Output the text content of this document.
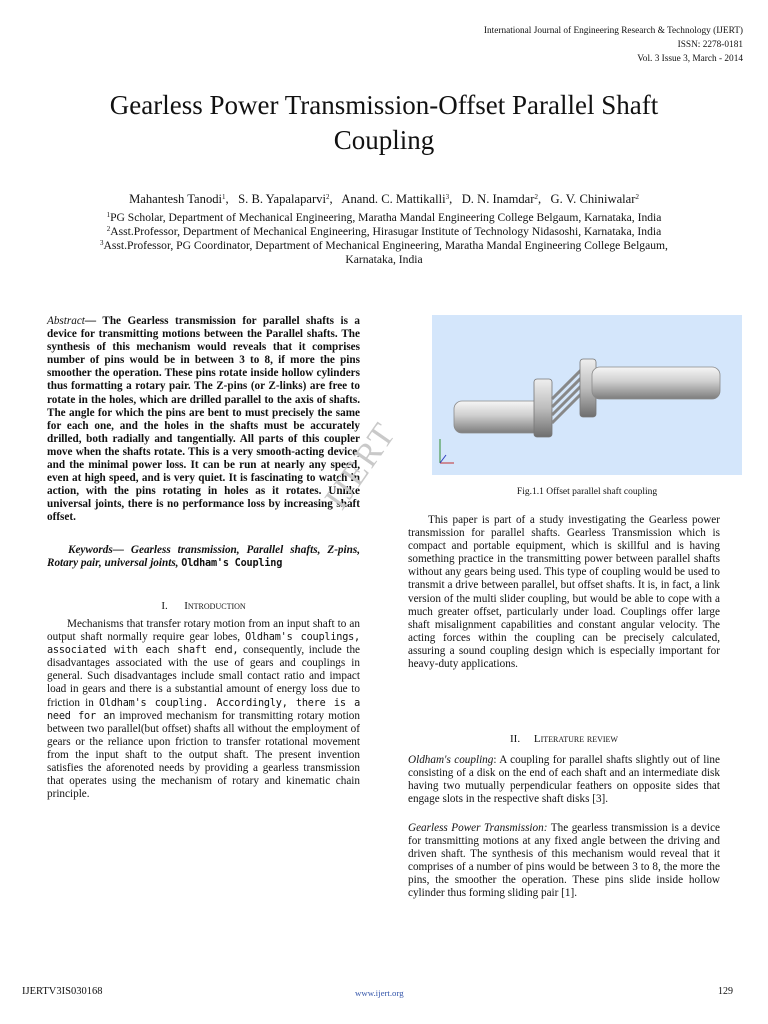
International Journal of Engineering Research & Technology (IJERT)
ISSN: 2278-0181
Vol. 3 Issue 3, March - 2014
Gearless Power Transmission-Offset Parallel Shaft
Coupling
Mahantesh Tanodi$^1$,   S. B. Yapalaparvi$^2$,   Anand. C. Mattikalli$^3$,   D. N. Inamdar$^2$,   G. V. Chiniwalar$^2$
$^1$PG Scholar, Department of Mechanical Engineering, Maratha Mandal Engineering College Belgaum, Karnataka, India
$^2$Asst.Professor, Department of Mechanical Engineering, Hirasugar Institute of Technology Nidasoshi, Karnataka, India
$^3$Asst.Professor, PG Coordinator, Department of Mechanical Engineering, Maratha Mandal Engineering College Belgaum,
Karnataka, India
Abstract— The Gearless transmission for parallel shafts is a device for transmitting motions between the Parallel shafts. The synthesis of this mechanism would reveals that it comprises number of pins would be in between 3 to 8, if more the pins smoother the operation. These pins rotate inside hollow cylinders thus formatting a rotary pair. The Z-pins (or Z-links) are free to rotate in the holes, which are drilled parallel to the axis of shafts. The angle for which the pins are bent to must precisely the same for each one, and the holes in the shafts must be accurately drilled, both radially and tangentially. All parts of this coupler move when the shafts rotate. This is a very smooth-acting device, and the minimal power loss. It can be run at nearly any speed, even at high speed, and is very quiet. It is fascinating to watch in action, with the pins rotating in holes as it rotates. Unlike universal joints, there is no performance loss by increasing shaft offset.
Keywords— Gearless transmission, Parallel shafts, Z-pins, Rotary pair, universal joints, Oldham's Coupling
I. Introduction
Mechanisms that transfer rotary motion from an input shaft to an output shaft normally require gear lobes, Oldham's couplings, associated with each shaft end, consequently, include the disadvantages associated with the use of gears and couplings in general. Such disadvantages include small contact ratio and impact load in gears and there is a substantial amount of energy loss due to friction in Oldham's coupling. Accordingly, there is a need for an improved mechanism for transmitting rotary motion between two parallel(but offset) shafts all without the employment of gears or the reliance upon friction to transfer rotational movement from the input shaft to the output shaft. The present invention satisfies the aforenoted needs by providing a gearless transmission that operates using the mechanism of rotary and kinematic chain principle.
IJERT	Fig.1.1 Offset parallel shaft coupling
This paper is part of a study investigating the Gearless power transmission for parallel shafts. Gearless Transmission which is compact and portable equipment, which is skillful and is having something practice in the transmitting power between parallel shafts without any gears being used. This type of coupling would be used to transmit a drive between parallel, but offset shafts. It is, in fact, a link version of the multi slider coupling, but would be able to cope with a much greater offset, particularly under load. Couplings offer large shaft misalignment capabilities and constant angular velocity. The acting forces within the coupling can be precisely calculated, assuring a sound coupling design which is especially important for heavy-duty applications.
II. Literature review
Oldham's coupling: A coupling for parallel shafts slightly out of line consisting of a disk on the end of each shaft and an intermediate disk having two mutually perpendicular feathers on opposite sides that engage slots in the respective shaft disks [3].
Gearless Power Transmission: The gearless transmission is a device for transmitting motions at any fixed angle between the driving and driven shaft. The synthesis of this mechanism would reveal that it comprises of a number of pins would be between 3 to 8, the more the pins, the smoother the operation. These pins slide inside hollow cylinder thus forming sliding pair [1].
IJERTV3IS030168	www.ijert.org	129
